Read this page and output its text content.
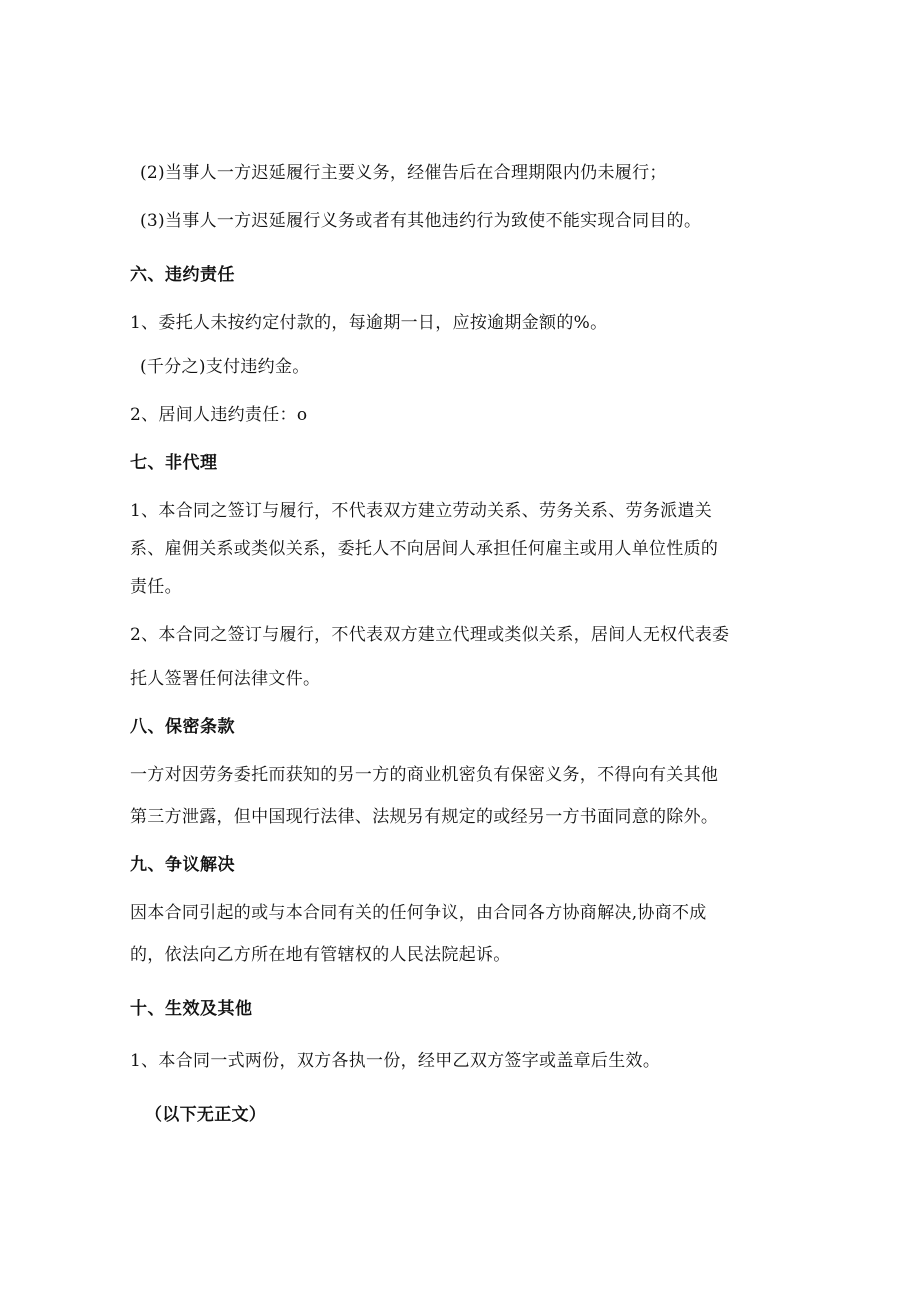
(2)当事人一方迟延履行主要义务，经催告后在合理期限内仍未履行；
(3)当事人一方迟延履行义务或者有其他违约行为致使不能实现合同目的。
六、违约责任
1、委托人未按约定付款的，每逾期一日，应按逾期金额的%。
(千分之)支付违约金。
2、居间人违约责任：o
七、非代理
1、本合同之签订与履行，不代表双方建立劳动关系、劳务关系、劳务派遣关
系、雇佣关系或类似关系，委托人不向居间人承担任何雇主或用人单位性质的
责任。
2、本合同之签订与履行，不代表双方建立代理或类似关系，居间人无权代表委
托人签署任何法律文件。
八、保密条款
一方对因劳务委托而获知的另一方的商业机密负有保密义务，不得向有关其他
第三方泄露，但中国现行法律、法规另有规定的或经另一方书面同意的除外。
九、争议解决
因本合同引起的或与本合同有关的任何争议，由合同各方协商解决,协商不成
的，依法向乙方所在地有管辖权的人民法院起诉。
十、生效及其他
1、本合同一式两份，双方各执一份，经甲乙双方签字或盖章后生效。
（以下无正文）
